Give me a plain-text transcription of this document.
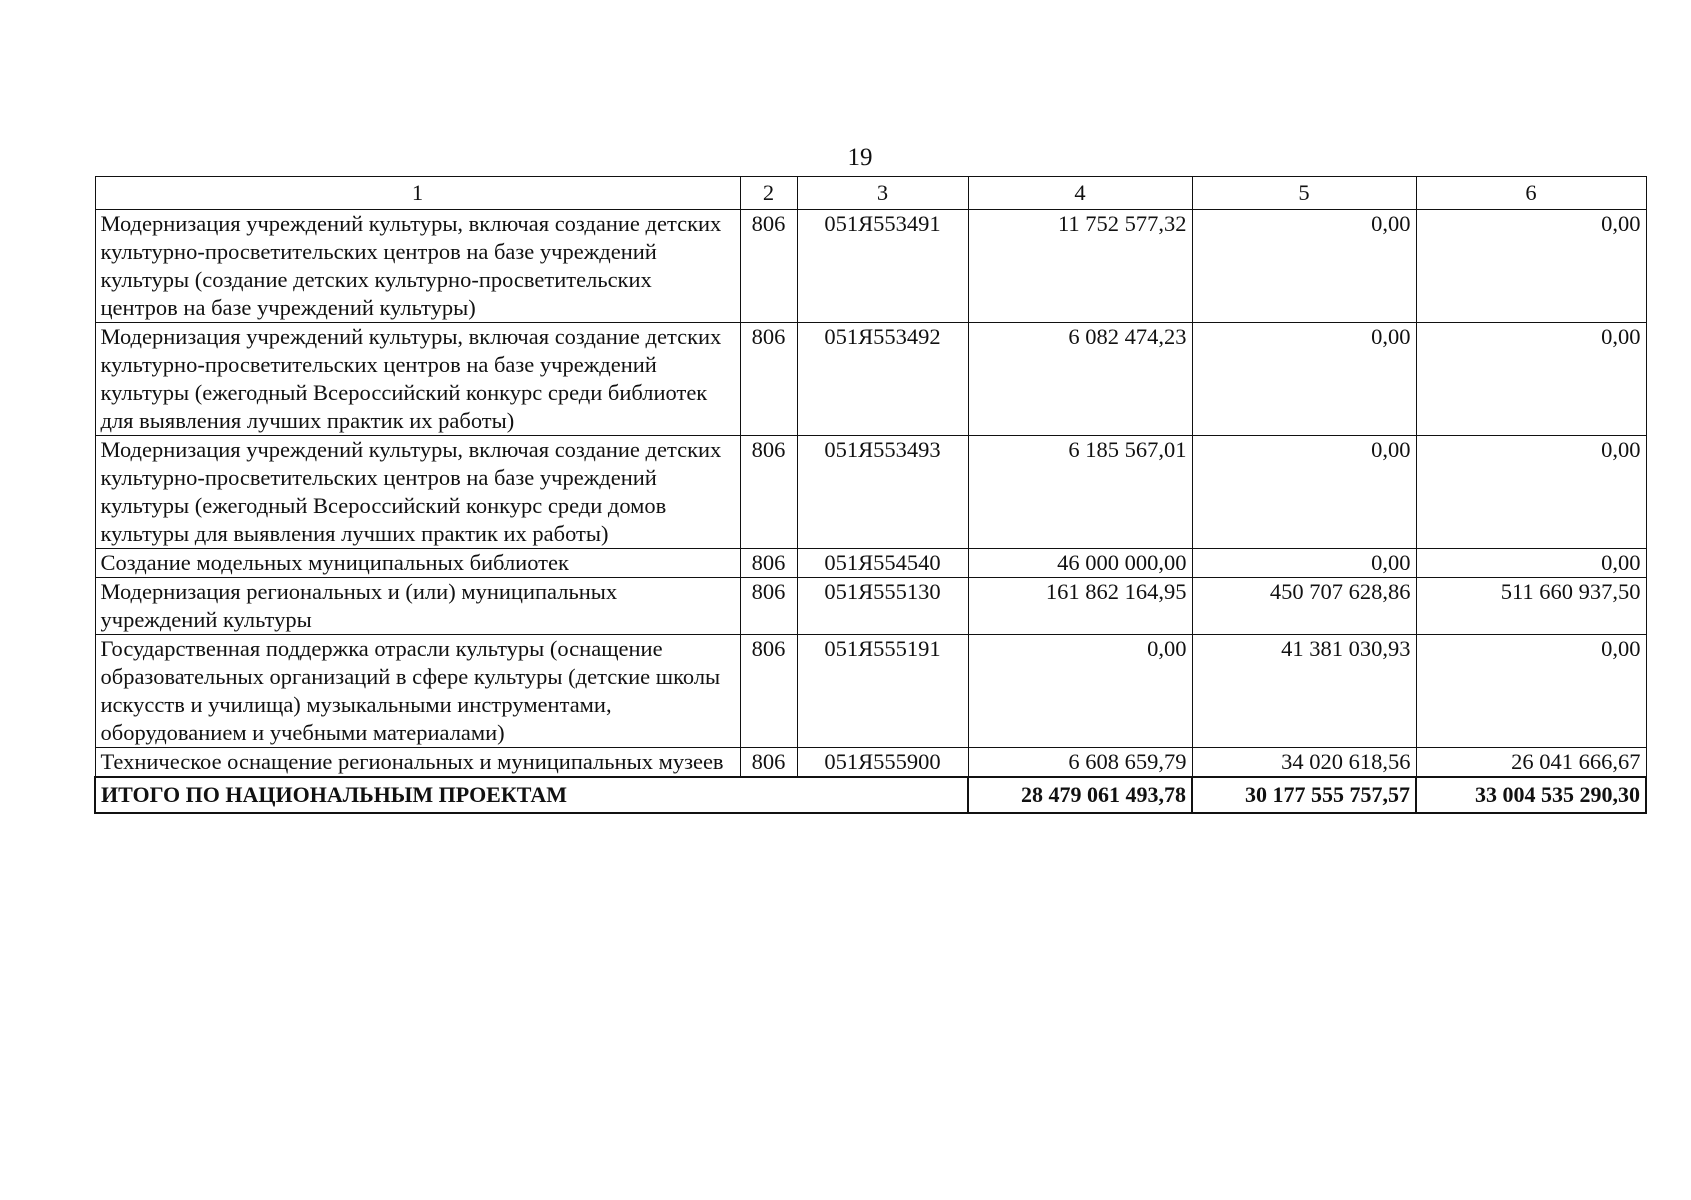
19
1	2	3	4	5	6
Модернизация учреждений культуры, включая создание детских культурно-просветительских центров на базе учреждений культуры (создание детских культурно-просветительских центров на базе учреждений культуры)	806	051Я553491	11 752 577,32	0,00	0,00
Модернизация учреждений культуры, включая создание детских культурно-просветительских центров на базе учреждений культуры (ежегодный Всероссийский конкурс среди библиотек для выявления лучших практик их работы)	806	051Я553492	6 082 474,23	0,00	0,00
Модернизация учреждений культуры, включая создание детских культурно-просветительских центров на базе учреждений культуры (ежегодный Всероссийский конкурс среди домов культуры для выявления лучших практик их работы)	806	051Я553493	6 185 567,01	0,00	0,00
Создание модельных муниципальных библиотек	806	051Я554540	46 000 000,00	0,00	0,00
Модернизация региональных и (или) муниципальных учреждений культуры	806	051Я555130	161 862 164,95	450 707 628,86	511 660 937,50
Государственная поддержка отрасли культуры (оснащение образовательных организаций в сфере культуры (детские школы искусств и училища) музыкальными инструментами, оборудованием и учебными материалами)	806	051Я555191	0,00	41 381 030,93	0,00
Техническое оснащение региональных и муниципальных музеев	806	051Я555900	6 608 659,79	34 020 618,56	26 041 666,67
ИТОГО ПО НАЦИОНАЛЬНЫМ ПРОЕКТАМ			28 479 061 493,78	30 177 555 757,57	33 004 535 290,30
